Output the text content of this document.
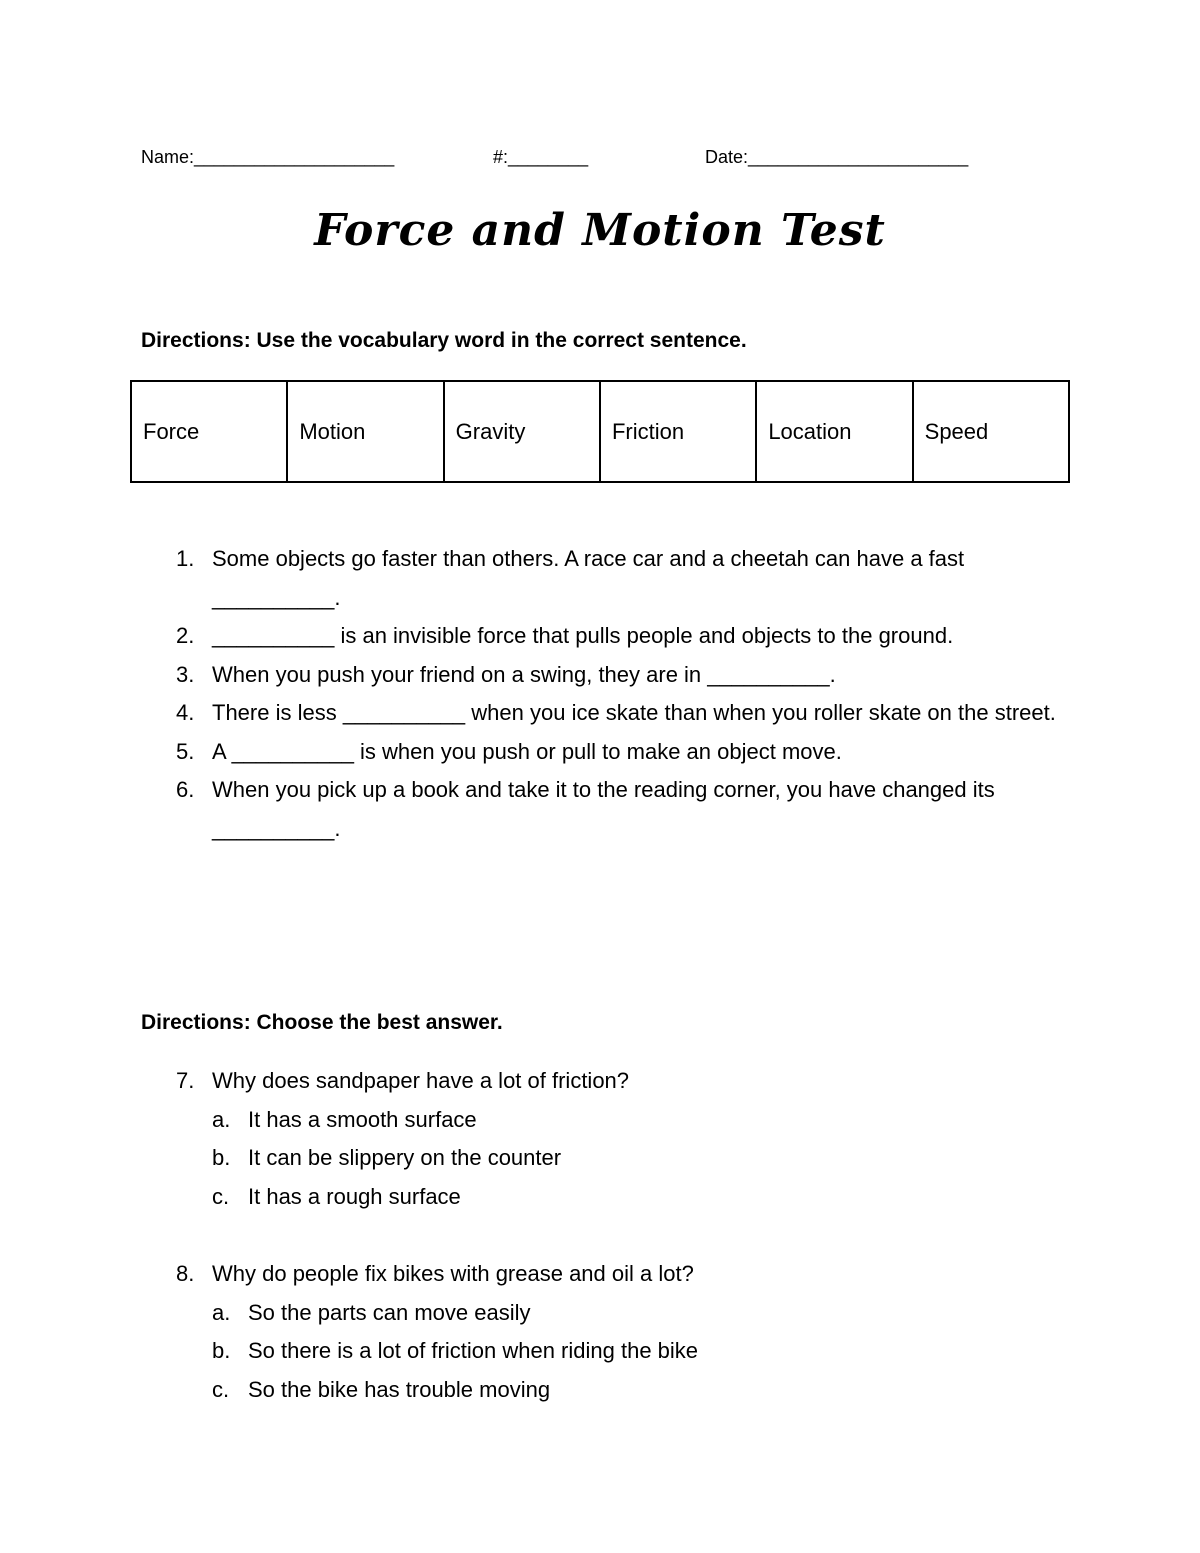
Name:____________________	#:________	Date:______________________
Force and Motion Test
Directions: Use the vocabulary word in the correct sentence.
Force	Motion	Gravity	Friction	Location	Speed
1. Some objects go faster than others. A race car and a cheetah can have a fast __________.
2. __________ is an invisible force that pulls people and objects to the ground.
3. When you push your friend on a swing, they are in __________.
4. There is less __________ when you ice skate than when you roller skate on the street.
5. A __________ is when you push or pull to make an object move.
6. When you pick up a book and take it to the reading corner, you have changed its __________.
Directions: Choose the best answer.
7. Why does sandpaper have a lot of friction?
a. It has a smooth surface
b. It can be slippery on the counter
c. It has a rough surface
8. Why do people fix bikes with grease and oil a lot?
a. So the parts can move easily
b. So there is a lot of friction when riding the bike
c. So the bike has trouble moving
